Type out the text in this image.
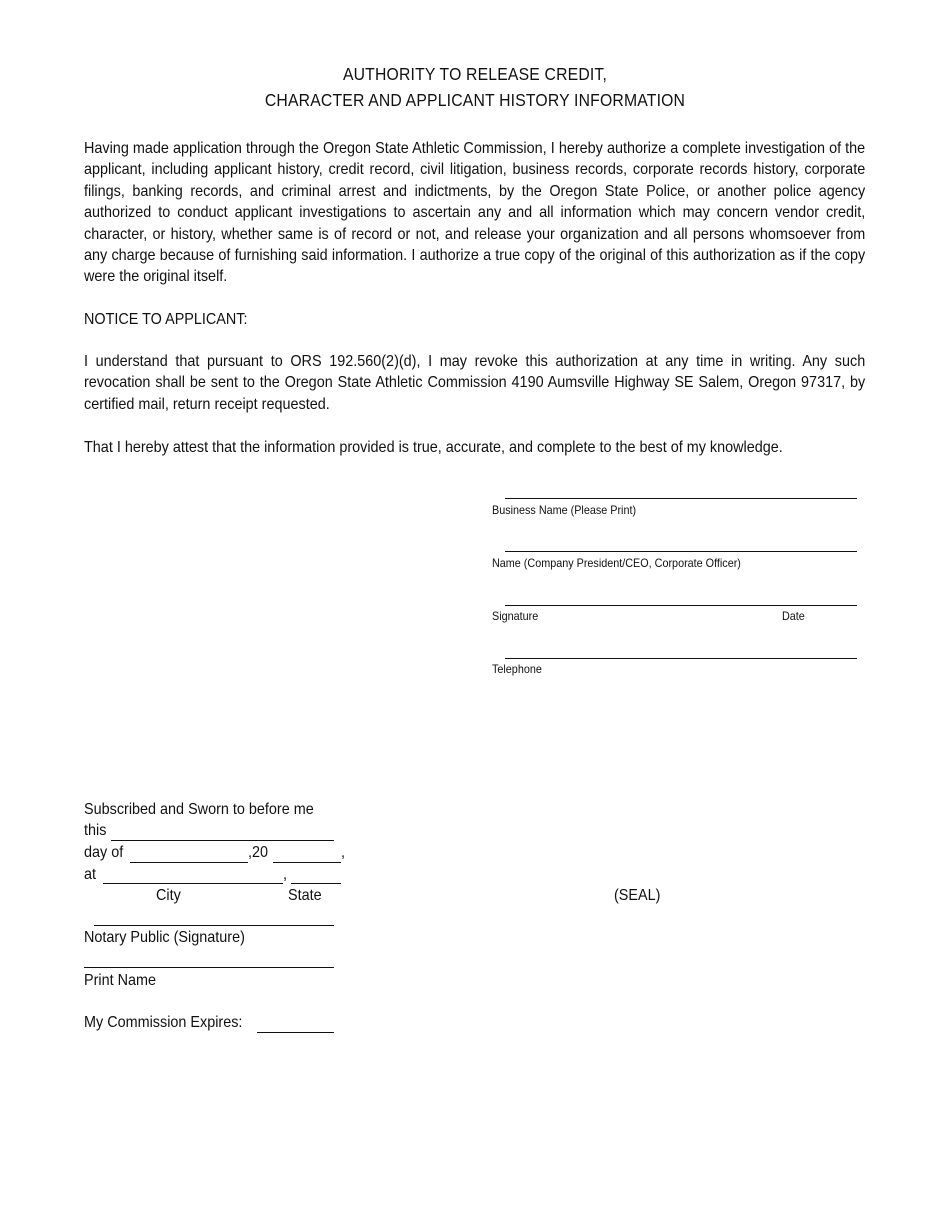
AUTHORITY TO RELEASE CREDIT,
CHARACTER AND APPLICANT HISTORY INFORMATION
Having made application through the Oregon State Athletic Commission, I hereby authorize a complete investigation of the applicant, including applicant history, credit record, civil litigation, business records, corporate records history, corporate filings, banking records, and criminal arrest and indictments, by the Oregon State Police, or another police agency authorized to conduct applicant investigations to ascertain any and all information which may concern vendor credit, character, or history, whether same is of record or not, and release your organization and all persons whomsoever from any charge because of furnishing said information. I authorize a true copy of the original of this authorization as if the copy were the original itself.
NOTICE TO APPLICANT:
I understand that pursuant to ORS 192.560(2)(d), I may revoke this authorization at any time in writing. Any such revocation shall be sent to the Oregon State Athletic Commission 4190 Aumsville Highway SE Salem, Oregon 97317, by certified mail, return receipt requested.
That I hereby attest that the information provided is true, accurate, and complete to the best of my knowledge.
Business Name (Please Print)
Name (Company President/CEO, Corporate Officer)
Signature	Date
Telephone
Subscribed and Sworn to before me
this
day of	,20	,
at	,
City	State	(SEAL)
Notary Public (Signature)
Print Name
My Commission Expires:
